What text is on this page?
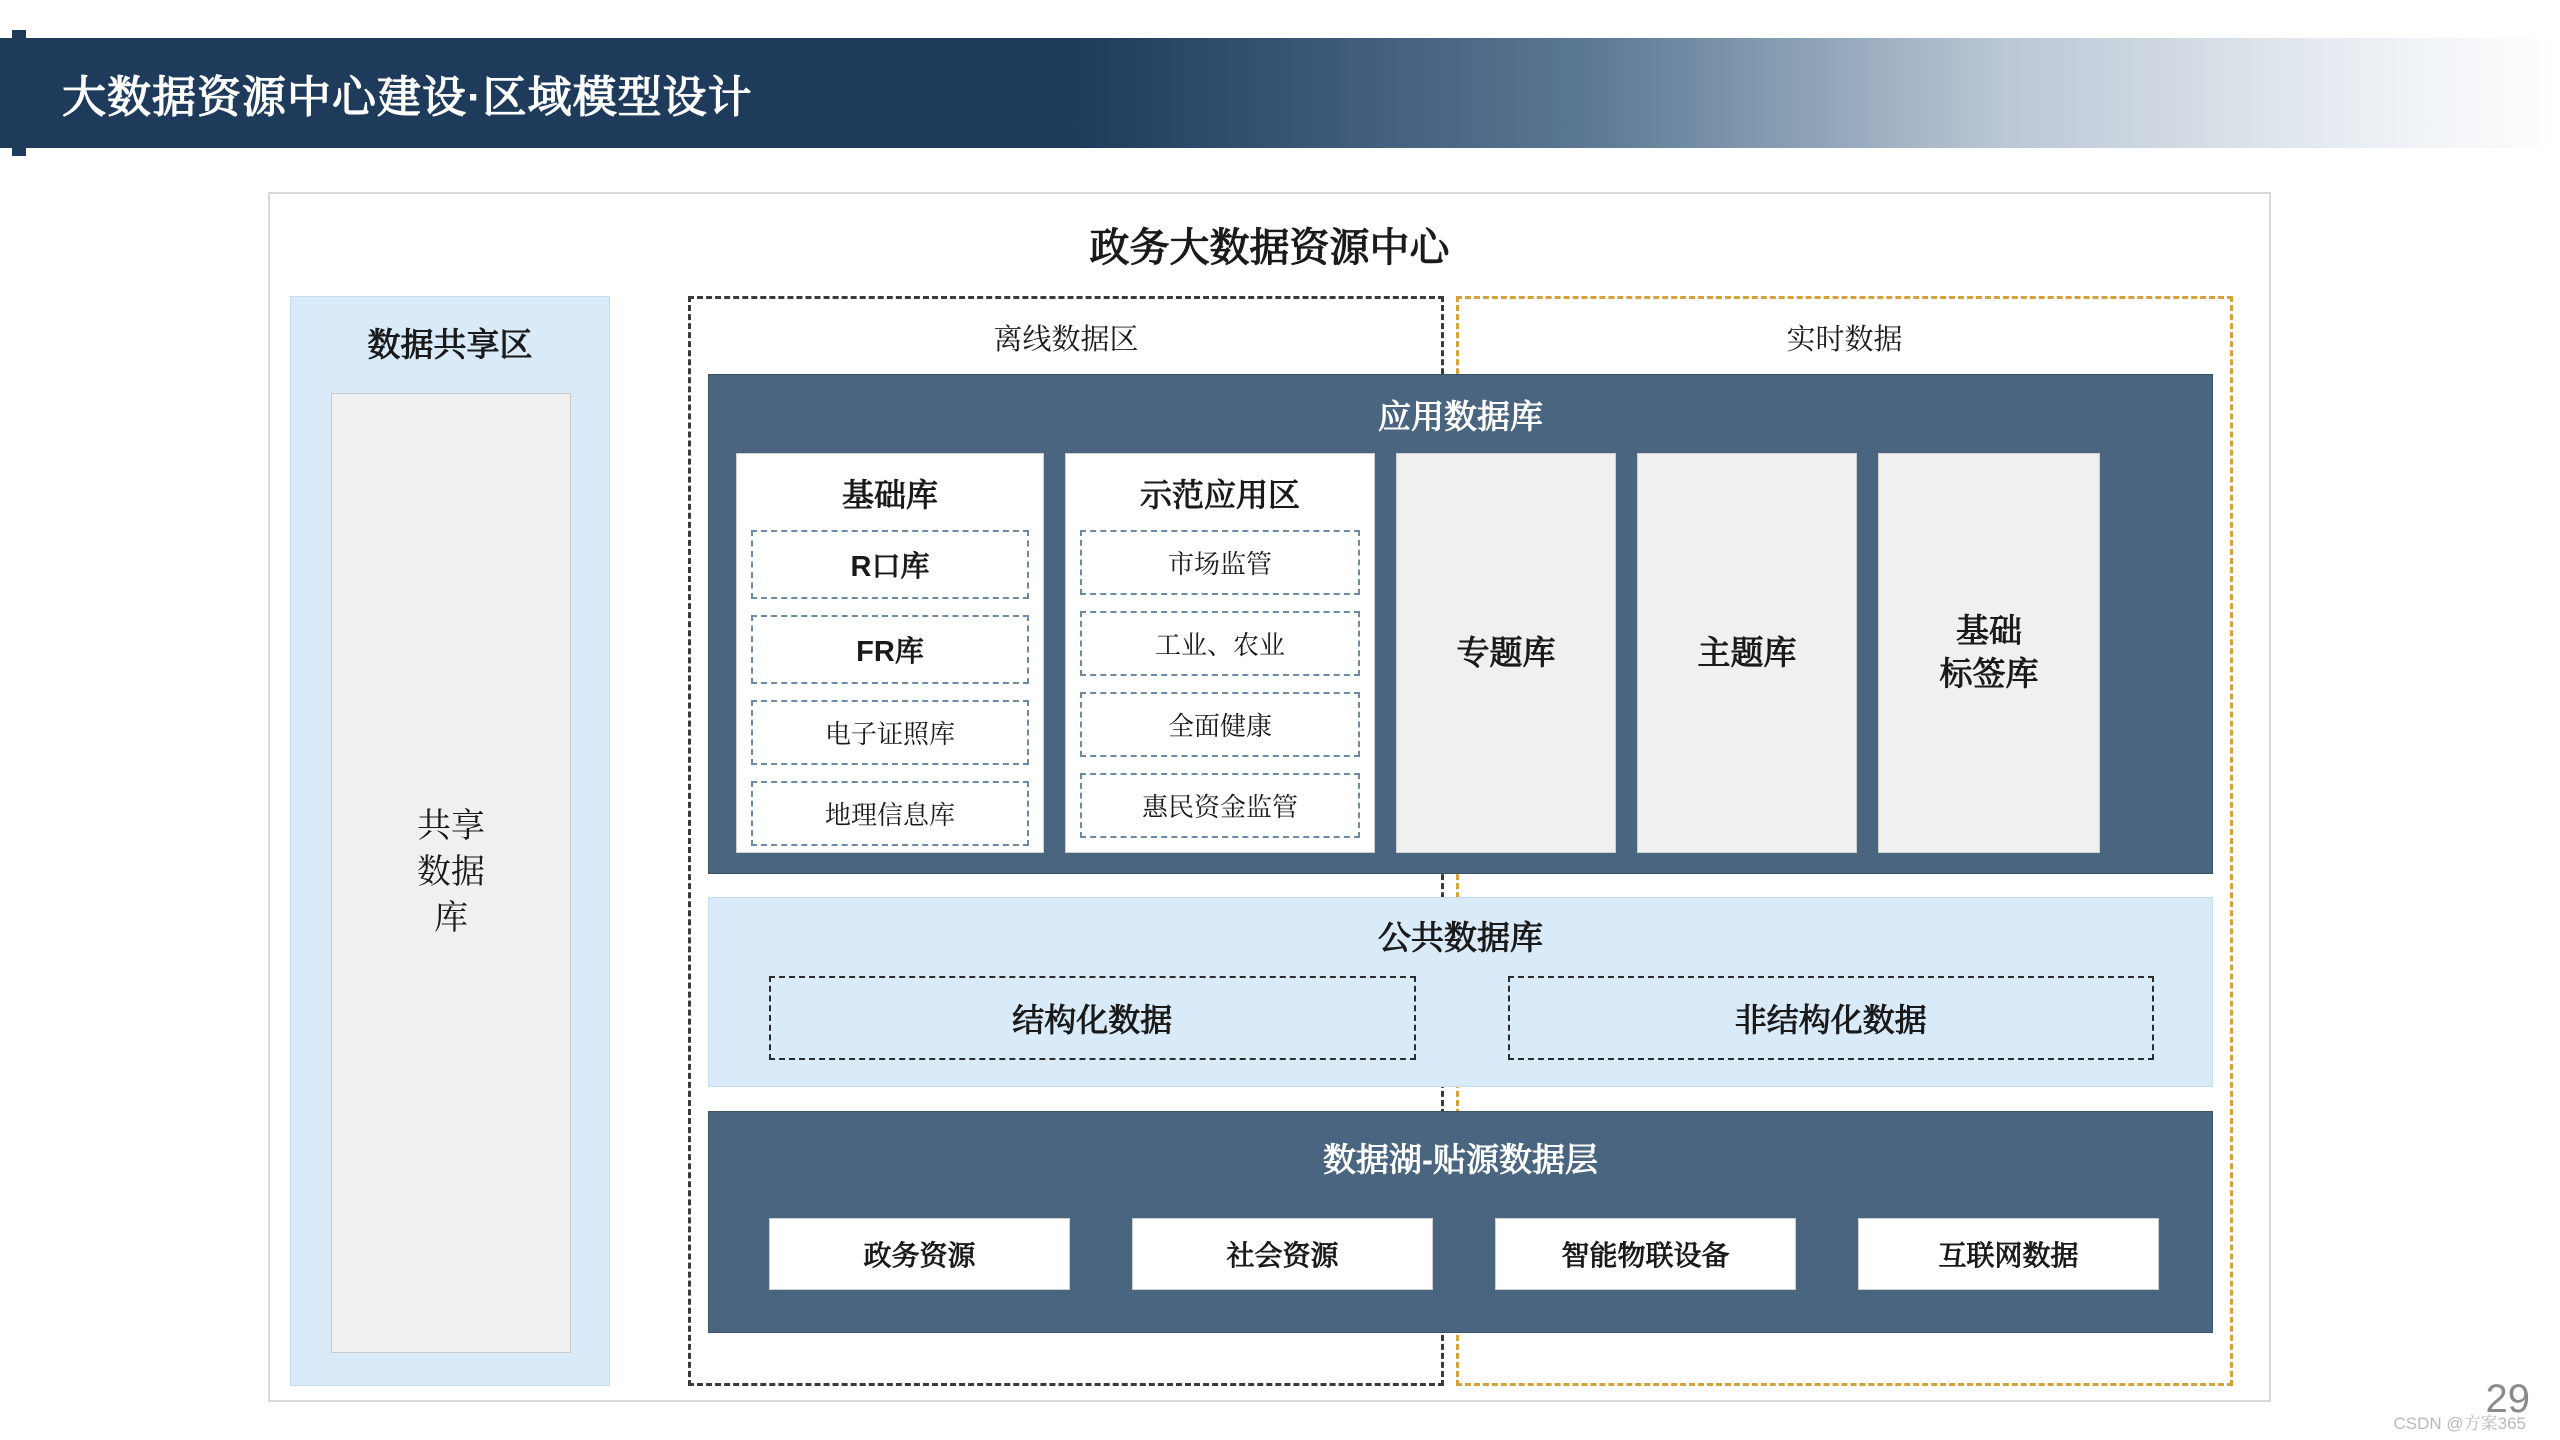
大数据资源中心建设·区域模型设计
政务大数据资源中心
数据共享区
共享
数据
库
离线数据区	实时数据
应用数据库
基础库
R口库
FR库
电子证照库
地理信息库
示范应用区
市场监管
工业、农业
全面健康
惠民资金监管
专题库	主题库
基础
标签库
公共数据库
结构化数据	非结构化数据
数据湖-贴源数据层
政务资源	社会资源	智能物联设备	互联网数据
29
CSDN @方案365
